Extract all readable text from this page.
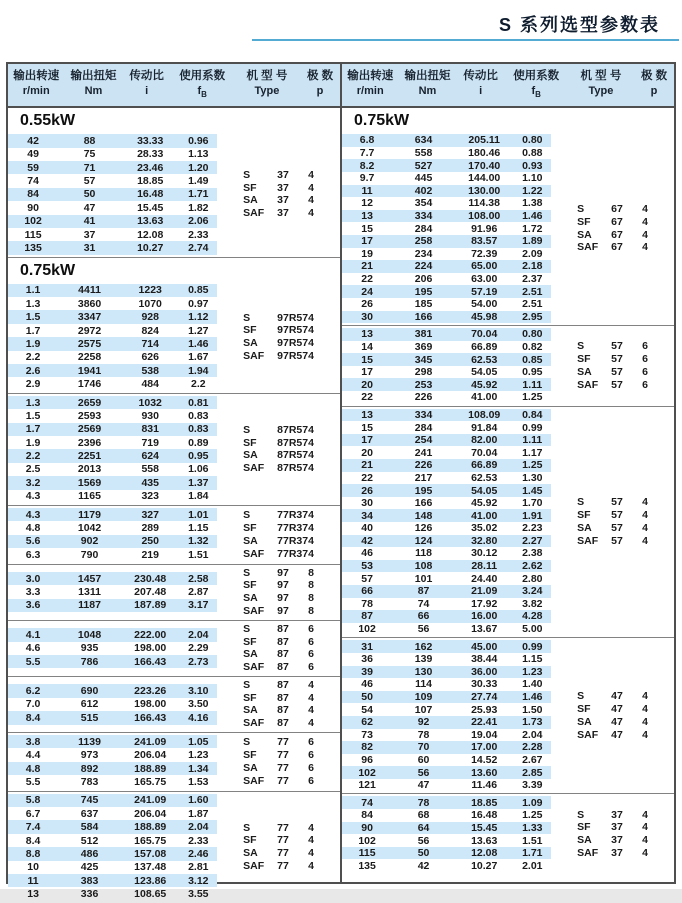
S 系列选型参数表
输出转速
r/min
输出扭矩
Nm
传动比
i
使用系数
$f_B$
机 型 号
Type
极 数
p
0.55kW
42	88	33.33	0.96
49	75	28.33	1.13
59	71	23.46	1.20
74	57	18.85	1.49
84	50	16.48	1.71
90	47	15.45	1.82
102	41	13.63	2.06
115	37	12.08	2.33
135	31	10.27	2.74
S	37	4
SF	37	4
SA	37	4
SAF	37	4
0.75kW
1.1	4411	1223	0.85
1.3	3860	1070	0.97
1.5	3347	928	1.12
1.7	2972	824	1.27
1.9	2575	714	1.46
2.2	2258	626	1.67
2.6	1941	538	1.94
2.9	1746	484	2.2
S	97R57 4
SF	97R57 4
SA	97R57 4
SAF	97R57 4
1.3	2659	1032	0.81
1.5	2593	930	0.83
1.7	2569	831	0.83
1.9	2396	719	0.89
2.2	2251	624	0.95
2.5	2013	558	1.06
3.2	1569	435	1.37
4.3	1165	323	1.84
S	87R57 4
SF	87R57 4
SA	87R57 4
SAF	87R57 4
4.3	1179	327	1.01
4.8	1042	289	1.15
5.6	902	250	1.32
6.3	790	219	1.51
S	77R37 4
SF	77R37 4
SA	77R37 4
SAF	77R37 4
3.0	1457	230.48	2.58
3.3	1311	207.48	2.87
3.6	1187	187.89	3.17
S	97	8
SF	97	8
SA	97	8
SAF	97	8
4.1	1048	222.00	2.04
4.6	935	198.00	2.29
5.5	786	166.43	2.73
S	87	6
SF	87	6
SA	87	6
SAF	87	6
6.2	690	223.26	3.10
7.0	612	198.00	3.50
8.4	515	166.43	4.16
S	87	4
SF	87	4
SA	87	4
SAF	87	4
3.8	1139	241.09	1.05
4.4	973	206.04	1.23
4.8	892	188.89	1.34
5.5	783	165.75	1.53
S	77	6
SF	77	6
SA	77	6
SAF	77	6
5.8	745	241.09	1.60
6.7	637	206.04	1.87
7.4	584	188.89	2.04
8.4	512	165.75	2.33
8.8	486	157.08	2.46
10	425	137.48	2.81
11	383	123.86	3.12
13	336	108.65	3.55
S	77	4
SF	77	4
SA	77	4
SAF	77	4
输出转速
r/min
输出扭矩
Nm
传动比
i
使用系数
$f_B$
机 型 号
Type
极 数
p
0.75kW
6.8	634	205.11	0.80
7.7	558	180.46	0.88
8.2	527	170.40	0.93
9.7	445	144.00	1.10
11	402	130.00	1.22
12	354	114.38	1.38
13	334	108.00	1.46
15	284	91.96	1.72
17	258	83.57	1.89
19	234	72.39	2.09
21	224	65.00	2.18
22	206	63.00	2.37
24	195	57.19	2.51
26	185	54.00	2.51
30	166	45.98	2.95
S	67	4
SF	67	4
SA	67	4
SAF	67	4
13	381	70.04	0.80
14	369	66.89	0.82
15	345	62.53	0.85
17	298	54.05	0.95
20	253	45.92	1.11
22	226	41.00	1.25
S	57	6
SF	57	6
SA	57	6
SAF	57	6
13	334	108.09	0.84
15	284	91.84	0.99
17	254	82.00	1.11
20	241	70.04	1.17
21	226	66.89	1.25
22	217	62.53	1.30
26	195	54.05	1.45
30	166	45.92	1.70
34	148	41.00	1.91
40	126	35.02	2.23
42	124	32.80	2.27
46	118	30.12	2.38
53	108	28.11	2.62
57	101	24.40	2.80
66	87	21.09	3.24
78	74	17.92	3.82
87	66	16.00	4.28
102	56	13.67	5.00
S	57	4
SF	57	4
SA	57	4
SAF	57	4
31	162	45.00	0.99
36	139	38.44	1.15
39	130	36.00	1.23
46	114	30.33	1.40
50	109	27.74	1.46
54	107	25.93	1.50
62	92	22.41	1.73
73	78	19.04	2.04
82	70	17.00	2.28
96	60	14.52	2.67
102	56	13.60	2.85
121	47	11.46	3.39
S	47	4
SF	47	4
SA	47	4
SAF	47	4
74	78	18.85	1.09
84	68	16.48	1.25
90	64	15.45	1.33
102	56	13.63	1.51
115	50	12.08	1.71
135	42	10.27	2.01
S	37	4
SF	37	4
SA	37	4
SAF	37	4
